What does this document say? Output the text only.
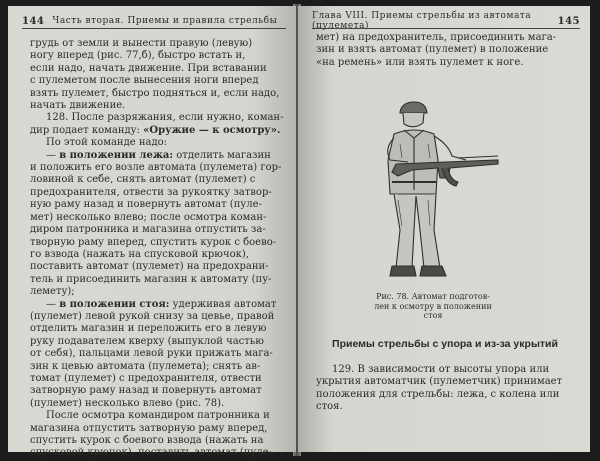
144 Часть вторая. Приемы и правила стрельбы

грудь от земли и вынести правую (левую)

ногу вперед (рис. 77,б), быстро встать и,

если надо, начать движение. При вставании

с пулеметом после вынесения ноги вперед

взять пулемет, быстро подняться и, если надо,

начать движение.

128. После разряжания, если нужно, коман-

дир подает команду: «Оружие — к осмотру».

По этой команде надо:

— в положении лежа: отделить магазин

и положить его возле автомата (пулемета) гор-

ловиной к себе, снять автомат (пулемет) с

предохранителя, отвести за рукоятку затвор-

ную раму назад и повернуть автомат (пуле-

мет) несколько влево; после осмотра коман-

диром патронника и магазина отпустить за-

творную раму вперед, спустить курок с боево-

го взвода (нажать на спусковой крючок),

поставить автомат (пулемет) на предохрани-

тель и присоединить магазин к автомату (пу-

лемету);

— в положении стоя: удерживая автомат

(пулемет) левой рукой снизу за цевье, правой

отделить магазин и переложить его в левую

руку подавателем кверху (выпуклой частью

от себя), пальцами левой руки прижать мага-

зин к цевью автомата (пулемета); снять ав-

томат (пулемет) с предохранителя, отвести

затворную раму назад и повернуть автомат

(пулемет) несколько влево (рис. 78).

После осмотра командиром патронника и

магазина отпустить затворную раму вперед,

спустить курок с боевого взвода (нажать на

спусковой крючок), поставить автомат (пуле-

Глава VIII. Приемы стрельбы из автомата (пулемета)	145

мет) на предохранитель, присоединить мага-

зин и взять автомат (пулемет) в положение

«на ремень» или взять пулемет к ноге.

Рис. 78. Автомат подготов-
лен к осмотру в положении
стоя
Приемы стрельбы с упора и из-за укрытий

129. В зависимости от высоты упора или

укрытия автоматчик (пулеметчик) принимает

положения для стрельбы: лежа, с колена или

стоя.
